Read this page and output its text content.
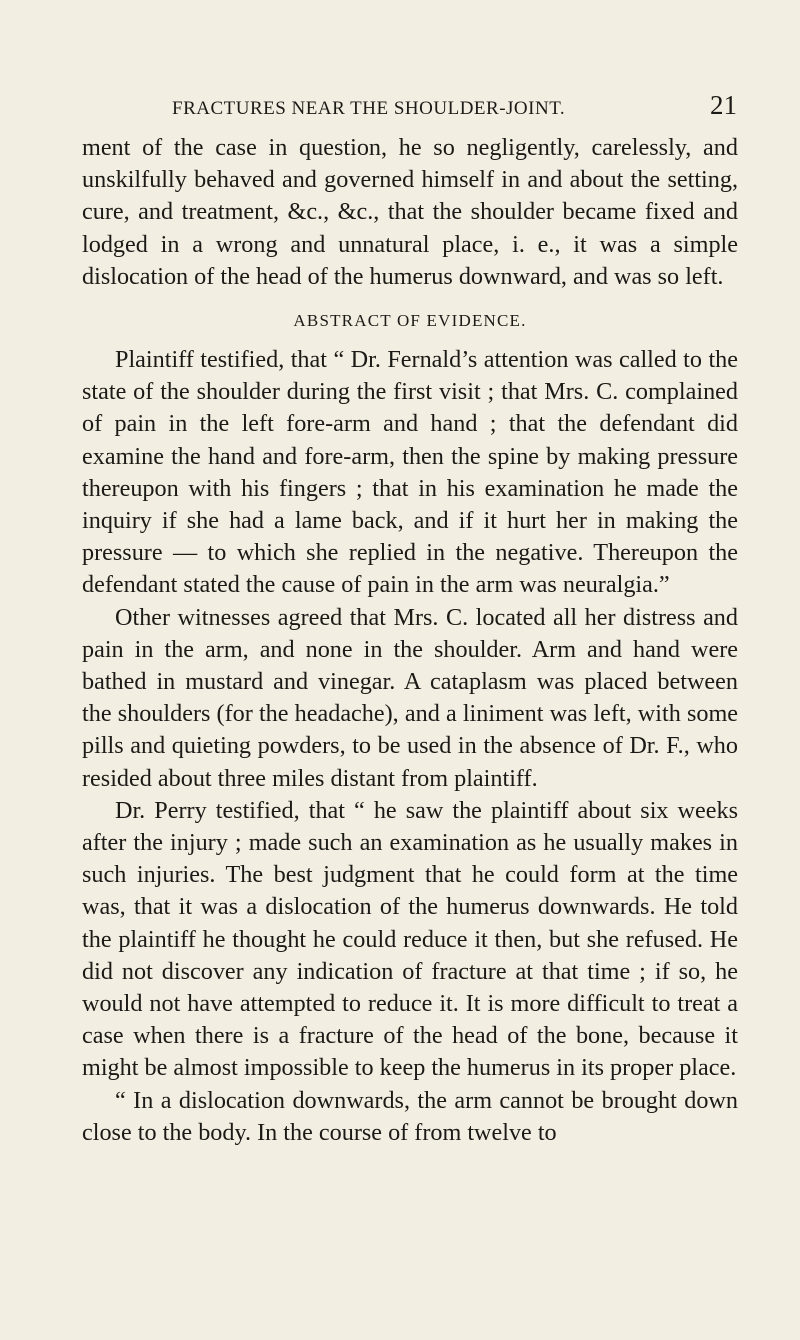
FRACTURES NEAR THE SHOULDER-JOINT.	21

ment of the case in question, he so negligently, carelessly, and unskilfully behaved and governed himself in and about the setting, cure, and treatment, &c., &c., that the shoulder became fixed and lodged in a wrong and unnatural place, i. e., it was a simple dislocation of the head of the humerus downward, and was so left.

ABSTRACT OF EVIDENCE.

Plaintiff testified, that “ Dr. Fernald’s attention was called to the state of the shoulder during the first visit ; that Mrs. C. complained of pain in the left fore-arm and hand ; that the defendant did examine the hand and fore-arm, then the spine by making pressure thereupon with his fingers ; that in his examination he made the inquiry if she had a lame back, and if it hurt her in making the pressure — to which she replied in the negative. Thereupon the defendant stated the cause of pain in the arm was neuralgia.”

Other witnesses agreed that Mrs. C. located all her distress and pain in the arm, and none in the shoulder. Arm and hand were bathed in mustard and vinegar. A cataplasm was placed between the shoulders (for the headache), and a liniment was left, with some pills and quieting powders, to be used in the absence of Dr. F., who resided about three miles distant from plaintiff.

Dr. Perry testified, that “ he saw the plaintiff about six weeks after the injury ; made such an examination as he usually makes in such injuries. The best judgment that he could form at the time was, that it was a dislocation of the humerus downwards. He told the plaintiff he thought he could reduce it then, but she refused. He did not discover any indication of fracture at that time ; if so, he would not have attempted to reduce it. It is more difficult to treat a case when there is a fracture of the head of the bone, because it might be almost impossible to keep the humerus in its proper place.

“ In a dislocation downwards, the arm cannot be brought down close to the body. In the course of from twelve to
